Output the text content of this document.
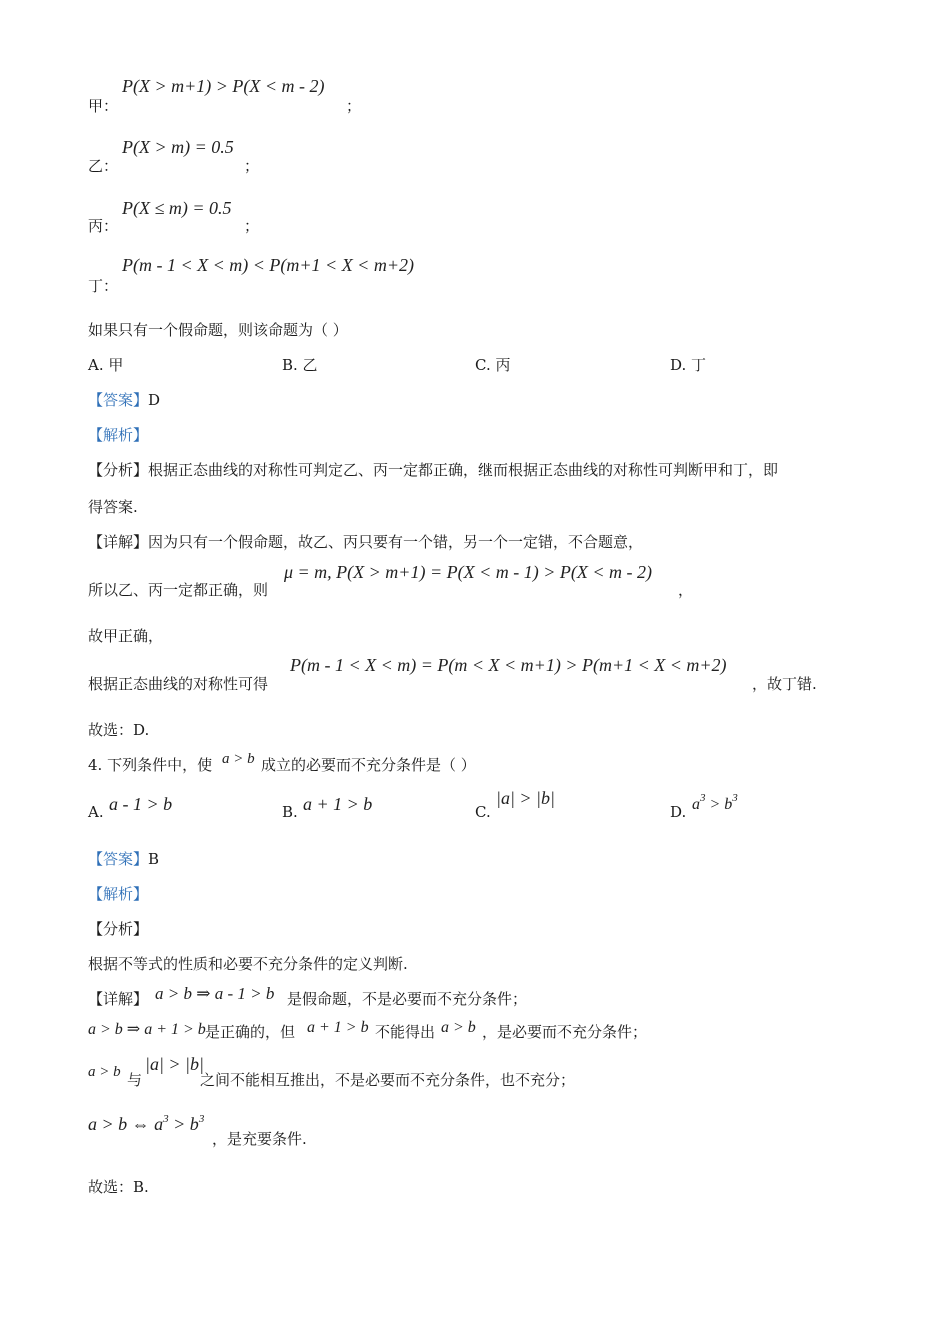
甲：
P(X > m+1) > P(X < m - 2)
；
乙：
P(X > m) = 0.5
；
丙：
P(X ≤ m) = 0.5
；
丁：
P(m - 1 < X < m) < P(m+1 < X < m+2)
如果只有一个假命题，则该命题为（ ）
A. 甲	B. 乙	C. 丙	D. 丁
【答案】D
【解析】
【分析】根据正态曲线的对称性可判定乙、丙一定都正确，继而根据正态曲线的对称性可判断甲和丁，即
得答案.
【详解】因为只有一个假命题，故乙、丙只要有一个错，另一个一定错，不合题意，
所以乙、丙一定都正确，则
μ = m, P(X > m+1) = P(X < m - 1) > P(X < m - 2)
，
故甲正确，
根据正态曲线的对称性可得
P(m - 1 < X < m) = P(m < X < m+1) > P(m+1 < X < m+2)
，故丁错.
故选：D.
4. 下列条件中，使 a > b 成立的必要而不充分条件是（ ）
A. a - 1 > b	B. a + 1 > b	C.
|a| > |b|
D. $a^3 > b^3$
【答案】B
【解析】
【分析】
根据不等式的性质和必要不充分条件的定义判断.
【详解】 a > b ⇒ a - 1 > b 是假命题，不是必要而不充分条件；
a > b ⇒ a + 1 > b 是正确的，但 a + 1 > b 不能得出 a > b ，是必要而不充分条件；
a > b 与
|a| > |b|
之间不能相互推出，不是必要而不充分条件，也不充分；
a > b ⇔ $a^3 > b^3$
，是充要条件.
故选：B.
